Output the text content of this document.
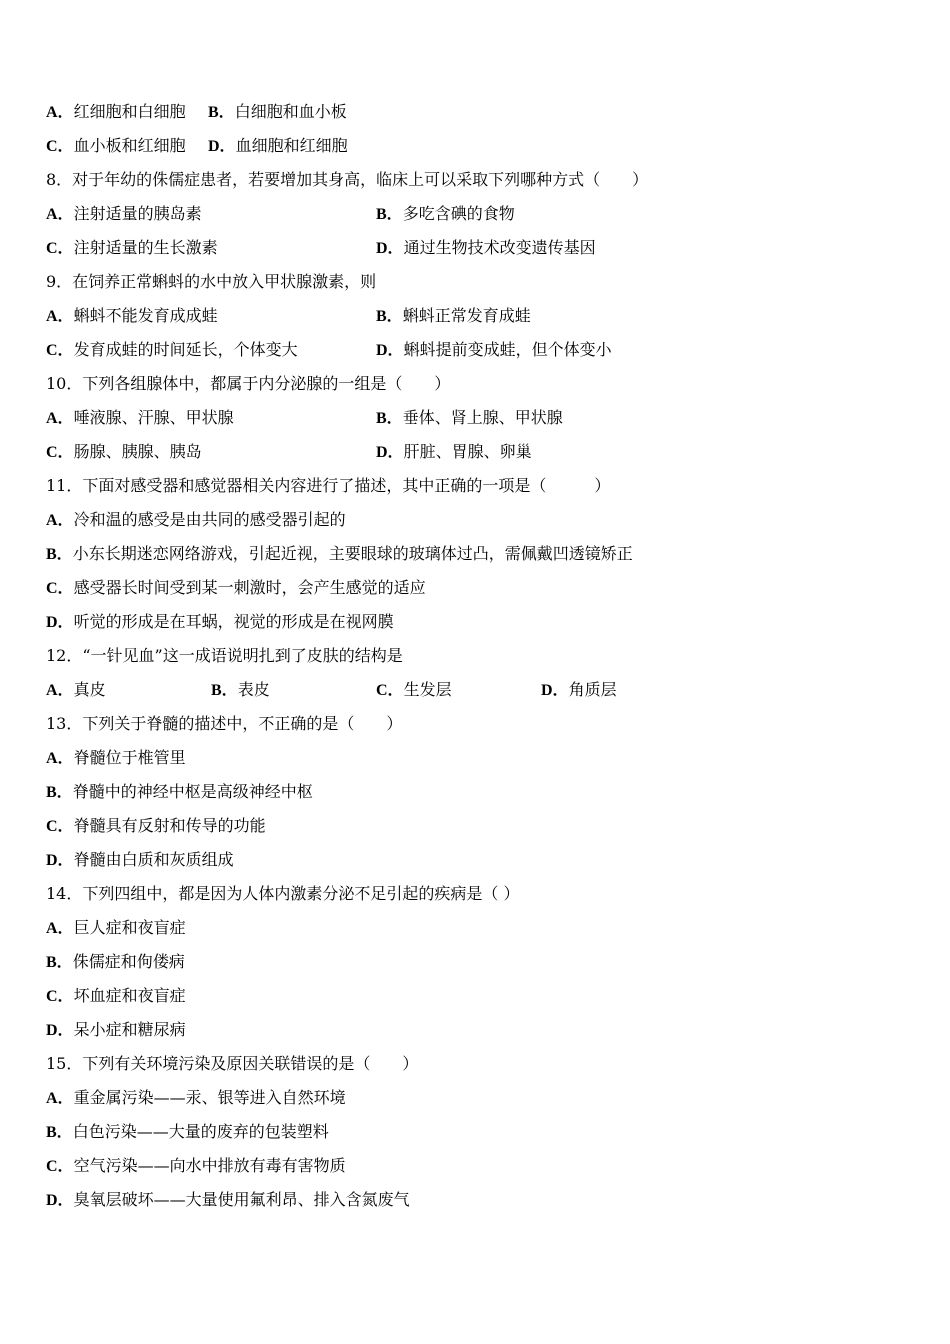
A．红细胞和白细胞 B．白细胞和血小板
C．血小板和红细胞 D．血细胞和红细胞
8．对于年幼的侏儒症患者，若要增加其身高，临床上可以采取下列哪种方式（　　）
A．注射适量的胰岛素	B．多吃含碘的食物
C．注射适量的生长激素	D．通过生物技术改变遗传基因
9．在饲养正常蝌蚪的水中放入甲状腺激素，则
A．蝌蚪不能发育成成蛙	B．蝌蚪正常发育成蛙
C．发育成蛙的时间延长，个体变大	D．蝌蚪提前变成蛙，但个体变小
10．下列各组腺体中，都属于内分泌腺的一组是（　　）
A．唾液腺、汗腺、甲状腺	B．垂体、肾上腺、甲状腺
C．肠腺、胰腺、胰岛	D．肝脏、胃腺、卵巢
11．下面对感受器和感觉器相关内容进行了描述，其中正确的一项是（　　　）
A．冷和温的感受是由共同的感受器引起的
B．小东长期迷恋网络游戏，引起近视，主要眼球的玻璃体过凸，需佩戴凹透镜矫正
C．感受器长时间受到某一刺激时，会产生感觉的适应
D．听觉的形成是在耳蜗，视觉的形成是在视网膜
12．“一针见血”这一成语说明扎到了皮肤的结构是
A．真皮	B．表皮	C．生发层	D．角质层
13．下列关于脊髓的描述中，不正确的是（　　）
A．脊髓位于椎管里
B．脊髓中的神经中枢是高级神经中枢
C．脊髓具有反射和传导的功能
D．脊髓由白质和灰质组成
14．下列四组中，都是因为人体内激素分泌不足引起的疾病是（ ）
A．巨人症和夜盲症
B．侏儒症和佝偻病
C．坏血症和夜盲症
D．呆小症和糖尿病
15．下列有关环境污染及原因关联错误的是（　　）
A．重金属污染——汞、银等进入自然环境
B．白色污染——大量的废弃的包装塑料
C．空气污染——向水中排放有毒有害物质
D．臭氧层破坏——大量使用氟利昂、排入含氮废气
